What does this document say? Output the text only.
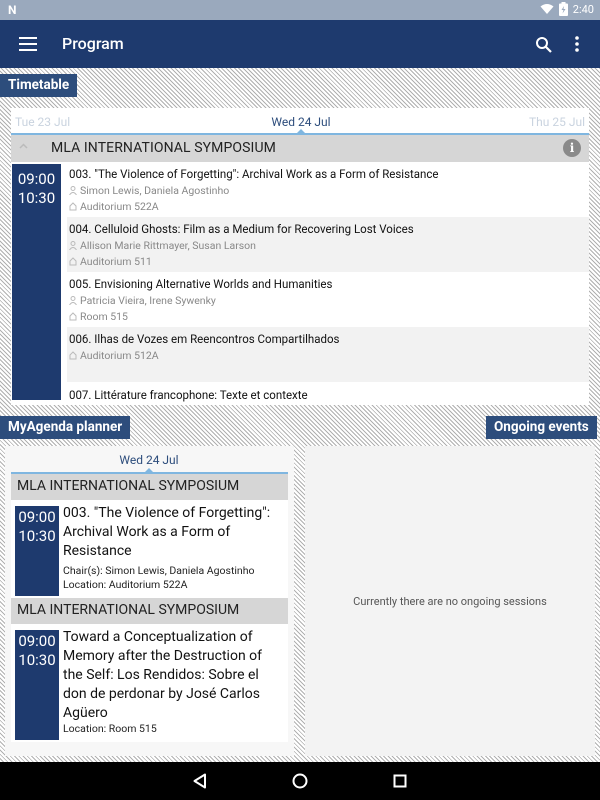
N	2:40
Program
Timetable
Tue 23 Jul	Wed 24 Jul	Thu 25 Jul
MLA INTERNATIONAL SYMPOSIUM	i
09:00
10:30
003. "The Violence of Forgetting": Archival Work as a Form of Resistance
Simon Lewis, Daniela Agostinho
Auditorium 522A
004. Celluloid Ghosts: Film as a Medium for Recovering Lost Voices
Allison Marie Rittmayer, Susan Larson
Auditorium 511
005. Envisioning Alternative Worlds and Humanities
Patricia Vieira, Irene Sywenky
Room 515
006. Ilhas de Vozes em Reencontros Compartilhados
Auditorium 512A
007. Littérature francophone: Texte et contexte
MyAgenda planner	Ongoing events
Wed 24 Jul
MLA INTERNATIONAL SYMPOSIUM
09:00
10:30
003. "The Violence of Forgetting": Archival Work as a Form of Resistance
Chair(s): Simon Lewis, Daniela Agostinho
Location: Auditorium 522A
MLA INTERNATIONAL SYMPOSIUM
09:00
10:30
Toward a Conceptualization of Memory after the Destruction of the Self: Los Rendidos: Sobre el don de perdonar by José Carlos Agüero
Location: Room 515
Currently there are no ongoing sessions
